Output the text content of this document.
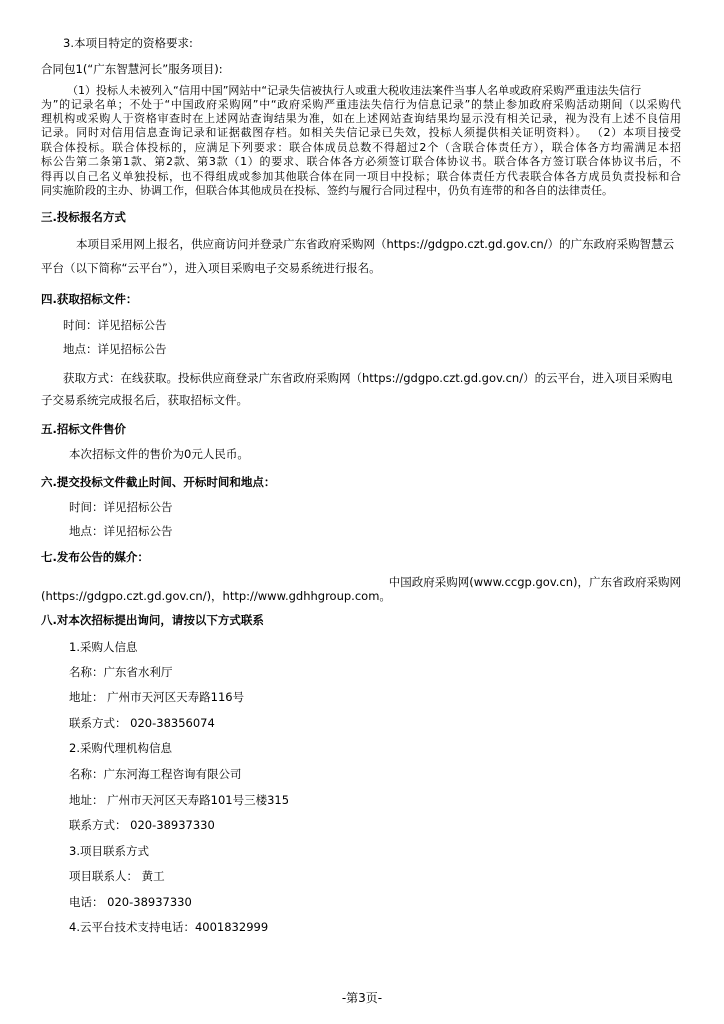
3.本项目特定的资格要求:
合同包1(“广东智慧河长”服务项目):
（1）投标人未被列入“信用中国”网站中“记录失信被执行人或重大税收违法案件当事人名单或政府采购严重违法失信行
为”的记录名单；不处于“中国政府采购网”中“政府采购严重违法失信行为信息记录”的禁止参加政府采购活动期间（以采购代
理机构或采购人于资格审查时在上述网站查询结果为准，如在上述网站查询结果均显示没有相关记录，视为没有上述不良信用
记录。同时对信用信息查询记录和证据截图存档。如相关失信记录已失效，投标人须提供相关证明资料）。 （2）本项目接受
联合体投标。联合体投标的，应满足下列要求：联合体成员总数不得超过2个（含联合体责任方），联合体各方均需满足本招
标公告第二条第1款、第2款、第3款（1）的要求、联合体各方必须签订联合体协议书。联合体各方签订联合体协议书后，不
得再以自己名义单独投标，也不得组成或参加其他联合体在同一项目中投标；联合体责任方代表联合体各方成员负责投标和合
同实施阶段的主办、协调工作，但联合体其他成员在投标、签约与履行合同过程中，仍负有连带的和各自的法律责任。
三.投标报名方式
本项目采用网上报名，供应商访问并登录广东省政府采购网（https://gdgpo.czt.gd.gov.cn/）的广东政府采购智慧云
平台（以下简称“云平台”），进入项目采购电子交易系统进行报名。
四.获取招标文件：
时间：详见招标公告
地点：详见招标公告
获取方式：在线获取。投标供应商登录广东省政府采购网（https://gdgpo.czt.gd.gov.cn/）的云平台，进入项目采购电
子交易系统完成报名后，获取招标文件。
五.招标文件售价
本次招标文件的售价为0元人民币。
六.提交投标文件截止时间、开标时间和地点：
时间：详见招标公告
地点：详见招标公告
七.发布公告的媒介：
中国政府采购网(www.ccgp.gov.cn)，广东省政府采购网
(https://gdgpo.czt.gd.gov.cn/)，http://www.gdhhgroup.com。
八.对本次招标提出询问，请按以下方式联系
1.采购人信息
名称：广东省水利厅
地址： 广州市天河区天寿路116号
联系方式： 020-38356074
2.采购代理机构信息
名称：广东河海工程咨询有限公司
地址： 广州市天河区天寿路101号三楼315
联系方式： 020-38937330
3.项目联系方式
项目联系人： 黄工
电话： 020-38937330
4.云平台技术支持电话：4001832999
-第3页-
